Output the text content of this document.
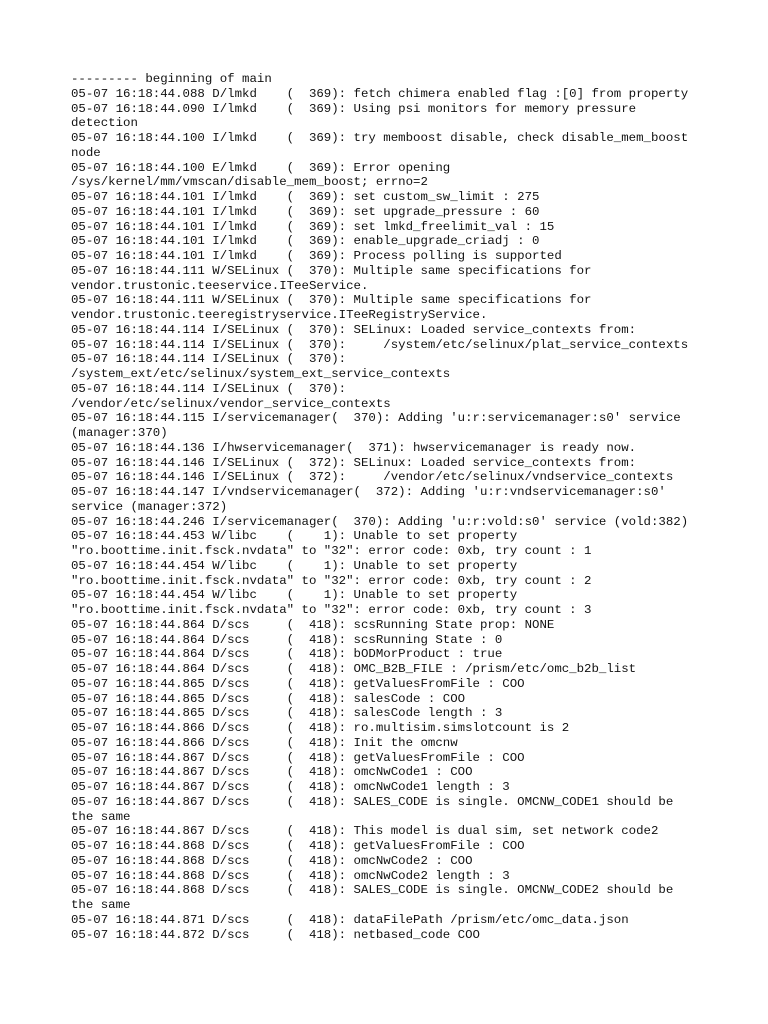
--------- beginning of main
05-07 16:18:44.088 D/lmkd    (  369): fetch chimera enabled flag :[0] from property
05-07 16:18:44.090 I/lmkd    (  369): Using psi monitors for memory pressure
detection
05-07 16:18:44.100 I/lmkd    (  369): try memboost disable, check disable_mem_boost
node
05-07 16:18:44.100 E/lmkd    (  369): Error opening
/sys/kernel/mm/vmscan/disable_mem_boost; errno=2
05-07 16:18:44.101 I/lmkd    (  369): set custom_sw_limit : 275
05-07 16:18:44.101 I/lmkd    (  369): set upgrade_pressure : 60
05-07 16:18:44.101 I/lmkd    (  369): set lmkd_freelimit_val : 15
05-07 16:18:44.101 I/lmkd    (  369): enable_upgrade_criadj : 0
05-07 16:18:44.101 I/lmkd    (  369): Process polling is supported
05-07 16:18:44.111 W/SELinux (  370): Multiple same specifications for
vendor.trustonic.teeservice.ITeeService.
05-07 16:18:44.111 W/SELinux (  370): Multiple same specifications for
vendor.trustonic.teeregistryservice.ITeeRegistryService.
05-07 16:18:44.114 I/SELinux (  370): SELinux: Loaded service_contexts from:
05-07 16:18:44.114 I/SELinux (  370):     /system/etc/selinux/plat_service_contexts
05-07 16:18:44.114 I/SELinux (  370):
/system_ext/etc/selinux/system_ext_service_contexts
05-07 16:18:44.114 I/SELinux (  370):
/vendor/etc/selinux/vendor_service_contexts
05-07 16:18:44.115 I/servicemanager(  370): Adding 'u:r:servicemanager:s0' service
(manager:370)
05-07 16:18:44.136 I/hwservicemanager(  371): hwservicemanager is ready now.
05-07 16:18:44.146 I/SELinux (  372): SELinux: Loaded service_contexts from:
05-07 16:18:44.146 I/SELinux (  372):     /vendor/etc/selinux/vndservice_contexts
05-07 16:18:44.147 I/vndservicemanager(  372): Adding 'u:r:vndservicemanager:s0'
service (manager:372)
05-07 16:18:44.246 I/servicemanager(  370): Adding 'u:r:vold:s0' service (vold:382)
05-07 16:18:44.453 W/libc    (    1): Unable to set property
"ro.boottime.init.fsck.nvdata" to "32": error code: 0xb, try count : 1
05-07 16:18:44.454 W/libc    (    1): Unable to set property
"ro.boottime.init.fsck.nvdata" to "32": error code: 0xb, try count : 2
05-07 16:18:44.454 W/libc    (    1): Unable to set property
"ro.boottime.init.fsck.nvdata" to "32": error code: 0xb, try count : 3
05-07 16:18:44.864 D/scs     (  418): scsRunning State prop: NONE
05-07 16:18:44.864 D/scs     (  418): scsRunning State : 0
05-07 16:18:44.864 D/scs     (  418): bODMorProduct : true
05-07 16:18:44.864 D/scs     (  418): OMC_B2B_FILE : /prism/etc/omc_b2b_list
05-07 16:18:44.865 D/scs     (  418): getValuesFromFile : COO
05-07 16:18:44.865 D/scs     (  418): salesCode : COO
05-07 16:18:44.865 D/scs     (  418): salesCode length : 3
05-07 16:18:44.866 D/scs     (  418): ro.multisim.simslotcount is 2
05-07 16:18:44.866 D/scs     (  418): Init the omcnw
05-07 16:18:44.867 D/scs     (  418): getValuesFromFile : COO
05-07 16:18:44.867 D/scs     (  418): omcNwCode1 : COO
05-07 16:18:44.867 D/scs     (  418): omcNwCode1 length : 3
05-07 16:18:44.867 D/scs     (  418): SALES_CODE is single. OMCNW_CODE1 should be
the same
05-07 16:18:44.867 D/scs     (  418): This model is dual sim, set network code2
05-07 16:18:44.868 D/scs     (  418): getValuesFromFile : COO
05-07 16:18:44.868 D/scs     (  418): omcNwCode2 : COO
05-07 16:18:44.868 D/scs     (  418): omcNwCode2 length : 3
05-07 16:18:44.868 D/scs     (  418): SALES_CODE is single. OMCNW_CODE2 should be
the same
05-07 16:18:44.871 D/scs     (  418): dataFilePath /prism/etc/omc_data.json
05-07 16:18:44.872 D/scs     (  418): netbased_code COO
